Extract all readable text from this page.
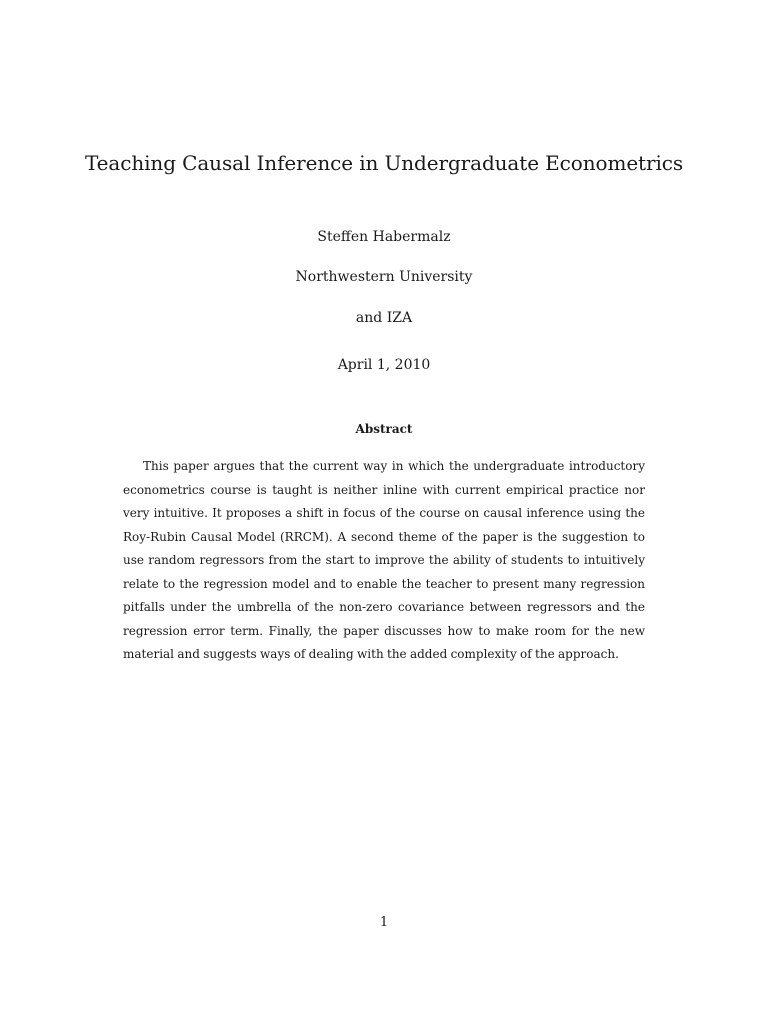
Teaching Causal Inference in Undergraduate Econometrics

Steffen Habermalz

Northwestern University

and IZA

April 1, 2010

Abstract

This paper argues that the current way in which the undergraduate introductory econometrics course is taught is neither inline with current empirical practice nor very intuitive. It proposes a shift in focus of the course on causal inference using the Roy-Rubin Causal Model (RRCM). A second theme of the paper is the suggestion to use random regressors from the start to improve the ability of students to intuitively relate to the regression model and to enable the teacher to present many regression pitfalls under the umbrella of the non-zero covariance between regressors and the regression error term. Finally, the paper discusses how to make room for the new material and suggests ways of dealing with the added complexity of the approach.

1
